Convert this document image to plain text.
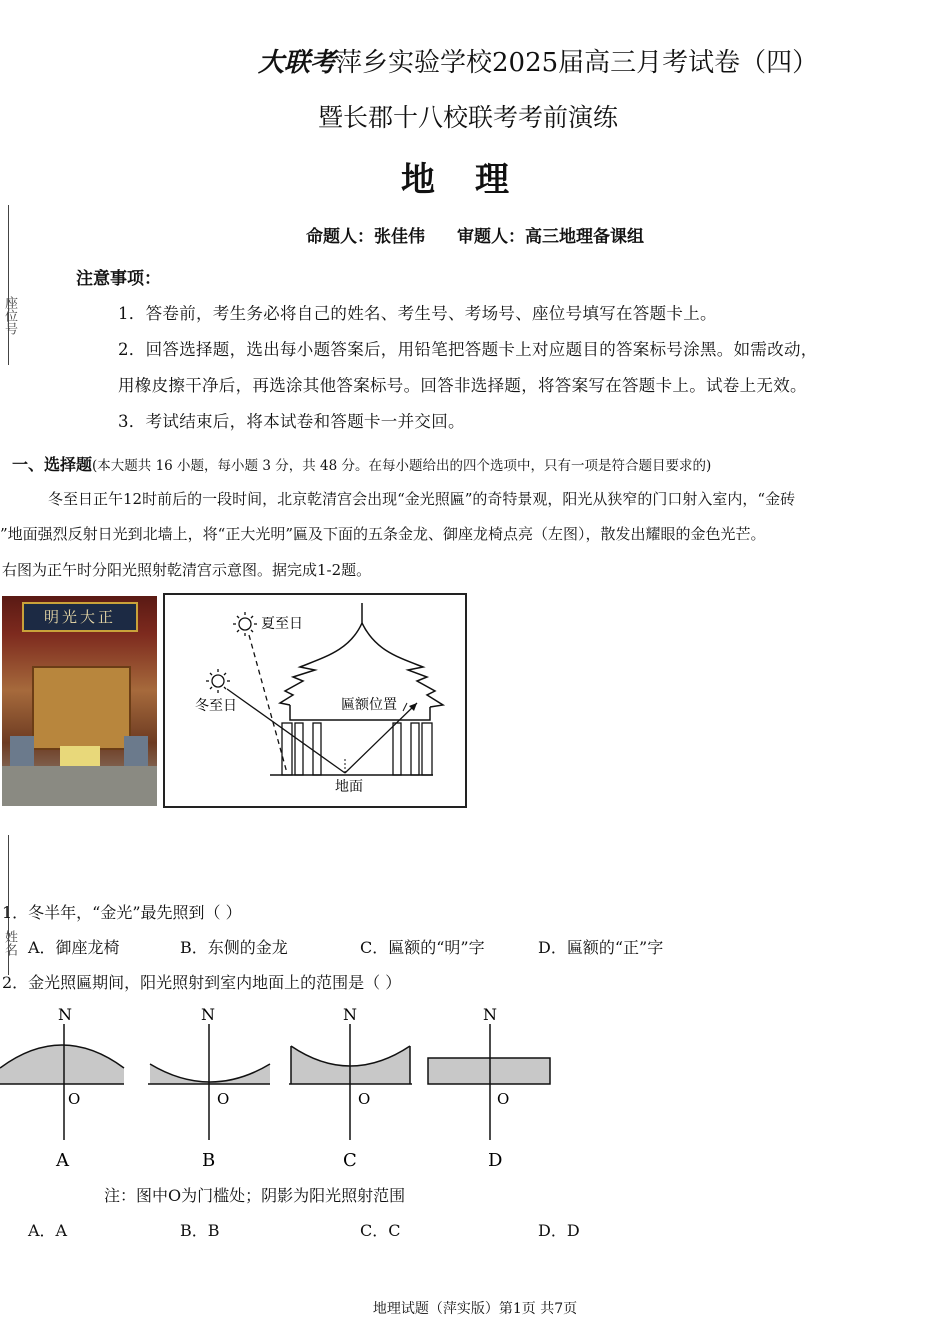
大联考萍乡实验学校2025届高三月考试卷（四）
暨长郡十八校联考考前演练
地理
命题人：张佳伟 审题人：高三地理备课组
座位号
姓名
注意事项：
1．答卷前，考生务必将自己的姓名、考生号、考场号、座位号填写在答题卡上。
2．回答选择题，选出每小题答案后，用铅笔把答题卡上对应题目的答案标号涂黑。如需改动，
用橡皮擦干净后，再选涂其他答案标号。回答非选择题，将答案写在答题卡上。试卷上无效。
3．考试结束后，将本试卷和答题卡一并交回。
一、选择题(本大题共 16 小题，每小题 3 分，共 48 分。在每小题给出的四个选项中，只有一项是符合题目要求的)
冬至日正午12时前后的一段时间，北京乾清宫会出现“金光照匾”的奇特景观，阳光从狭窄的门口射入室内，“金砖
”地面强烈反射日光到北墙上，将“正大光明”匾及下面的五条金龙、御座龙椅点亮（左图），散发出耀眼的金色光芒。
右图为正午时分阳光照射乾清宫示意图。据完成1-2题。
明光大正	夏至日
冬至日	匾额位置
地面
1．冬半年，“金光”最先照到（ ）
A．御座龙椅	B．东侧的金龙	C．匾额的“明”字	D．匾额的“正”字
2．金光照匾期间，阳光照射到室内地面上的范围是（ ）
N
O
A
N
O
B
N
O
C
N
O
D
注：图中O为门槛处；阴影为阳光照射范围
A．A	B．B	C．C	D．D
地理试题（萍实版）第1页 共7页
